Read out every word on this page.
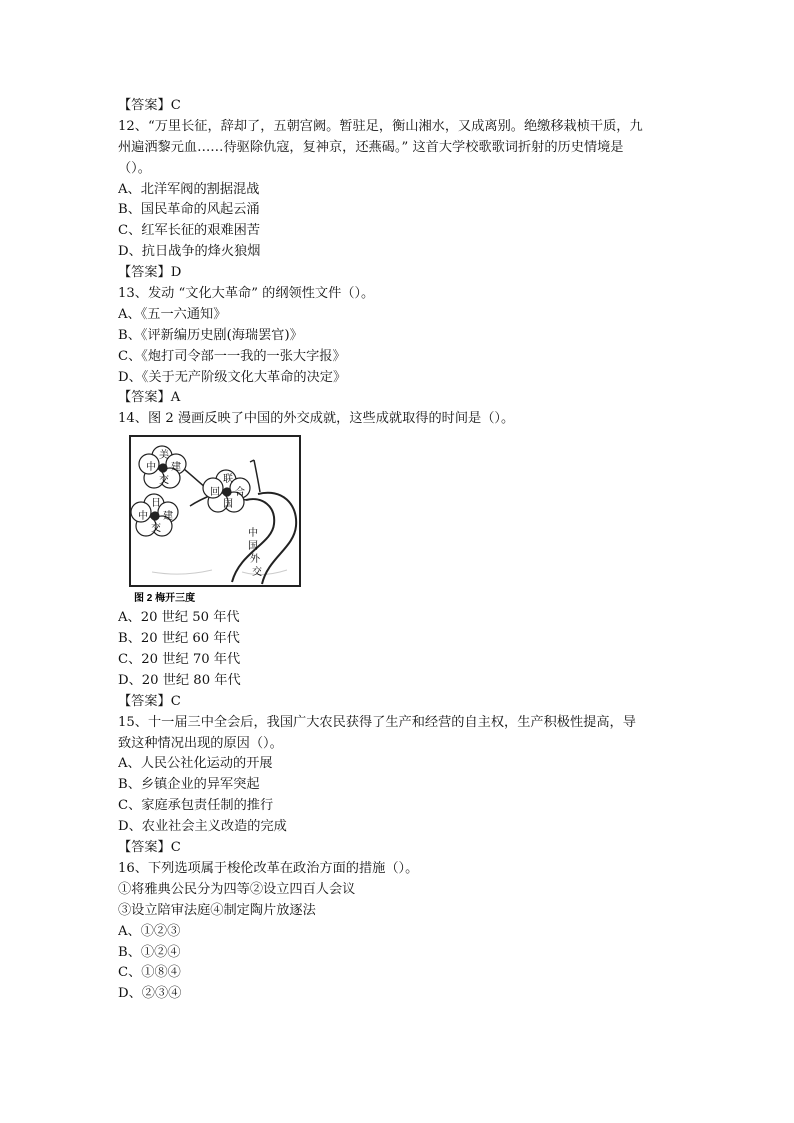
【答案】C
12、“万里长征，辞却了，五朝宫阙。暂驻足，衡山湘水，又成离别。绝缴移栽桢干质，九
州遍洒黎元血……待驱除仇寇，复神京，还燕碣。” 这首大学校歌歌词折射的历史情境是
（）。
A、北洋军阀的割据混战
B、国民革命的风起云涌
C、红军长征的艰难困苦
D、抗日战争的烽火狼烟
【答案】D
13、发动 “文化大革命” 的纲领性文件（）。
A、《五一六通知》
B、《评新编历史剧(海瑞罢官)》
C、《炮打司令部一一我的一张大字报》
D、《关于无产阶级文化大革命的决定》
【答案】A
14、图 2 漫画反映了中国的外交成就，这些成就取得的时间是（）。
美
中 建
交	联
回 合
国
日
中 建
交	中
国
外
交
图 2 梅开三度
A、20 世纪 50 年代
B、20 世纪 60 年代
C、20 世纪 70 年代
D、20 世纪 80 年代
【答案】C
15、十一届三中全会后，我国广大农民获得了生产和经营的自主权，生产积极性提高，导
致这种情况出现的原因（）。
A、人民公社化运动的开展
B、乡镇企业的异军突起
C、家庭承包责任制的推行
D、农业社会主义改造的完成
【答案】C
16、下列选项属于梭伦改革在政治方面的措施（）。
①将雅典公民分为四等②设立四百人会议
③设立陪审法庭④制定陶片放逐法
A、①②③
B、①②④
C、①⑧④
D、②③④
